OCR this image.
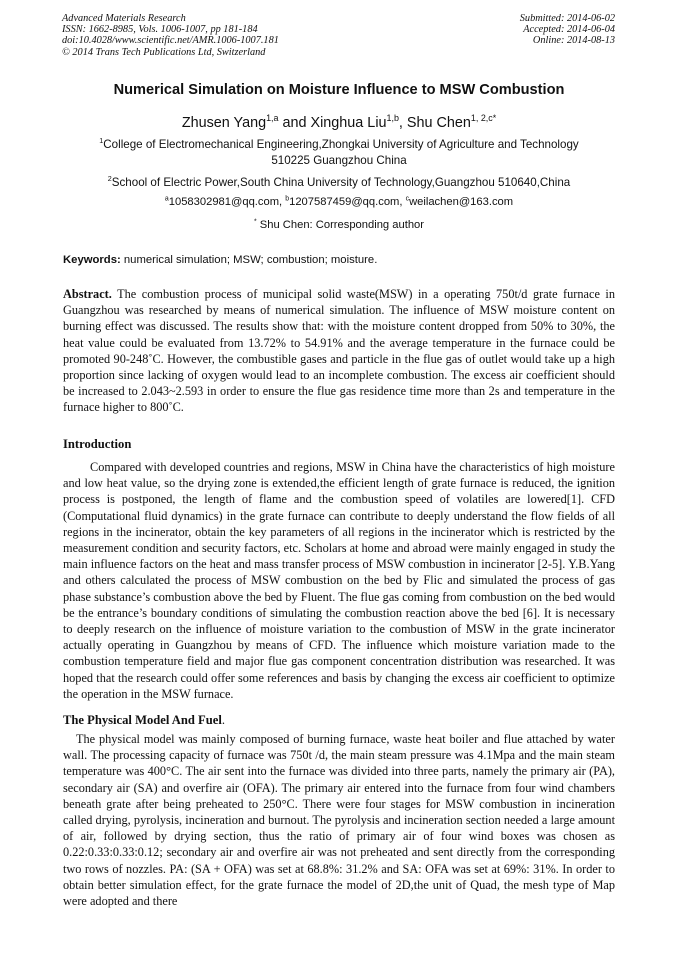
Advanced Materials Research
ISSN: 1662-8985, Vols. 1006-1007, pp 181-184
doi:10.4028/www.scientific.net/AMR.1006-1007.181
© 2014 Trans Tech Publications Ltd, Switzerland
Submitted: 2014-06-02
Accepted: 2014-06-04
Online: 2014-08-13
Numerical Simulation on Moisture Influence to MSW Combustion
Zhusen Yang$^{1,a}$ and Xinghua Liu$^{1,b}$, Shu Chen$^{1, 2,c*}$
$^1$College of Electromechanical Engineering,Zhongkai University of Agriculture and Technology
510225 Guangzhou China
$^2$School of Electric Power,South China University of Technology,Guangzhou 510640,China
$^a$1058302981@qq.com, $^b$1207587459@qq.com, $^c$weilachen@163.com
* Shu Chen: Corresponding author
Keywords: numerical simulation; MSW; combustion; moisture.

Abstract. The combustion process of municipal solid waste(MSW) in a operating 750t/d grate furnace in Guangzhou was researched by means of numerical simulation. The influence of MSW moisture content on burning effect was discussed. The results show that: with the moisture content dropped from 50% to 30%, the heat value could be evaluated from 13.72% to 54.91% and the average temperature in the furnace could be promoted 90-248˚C. However, the combustible gases and particle in the flue gas of outlet would take up a high proportion since lacking of oxygen would lead to an incomplete combustion. The excess air coefficient should be increased to 2.043~2.593 in order to ensure the flue gas residence time more than 2s and temperature in the furnace higher to 800˚C.

Introduction

Compared with developed countries and regions, MSW in China have the characteristics of high moisture and low heat value, so the drying zone is extended,the efficient length of grate furnace is reduced, the ignition process is postponed, the length of flame and the combustion speed of volatiles are lowered[1]. CFD (Computational fluid dynamics) in the grate furnace can contribute to deeply understand the flow fields of all regions in the incinerator, obtain the key parameters of all regions in the incinerator which is restricted by the measurement condition and security factors, etc. Scholars at home and abroad were mainly engaged in study the main influence factors on the heat and mass transfer process of MSW combustion in incinerator [2-5]. Y.B.Yang and others calculated the process of MSW combustion on the bed by Flic and simulated the process of gas phase substance’s combustion above the bed by Fluent. The flue gas coming from combustion on the bed would be the entrance’s boundary conditions of simulating the combustion reaction above the bed [6]. It is necessary to deeply research on the influence of moisture variation to the combustion of MSW in the grate incinerator actually operating in Guangzhou by means of CFD. The influence which moisture variation made to the combustion temperature field and major flue gas component concentration distribution was researched. It was hoped that the research could offer some references and basis by changing the excess air coefficient to optimize the operation in the MSW furnace.

The Physical Model And Fuel.

The physical model was mainly composed of burning furnace, waste heat boiler and flue attached by water wall. The processing capacity of furnace was 750t /d, the main steam pressure was 4.1Mpa and the main steam temperature was 400°C. The air sent into the furnace was divided into three parts, namely the primary air (PA), secondary air (SA) and overfire air (OFA). The primary air entered into the furnace from four wind chambers beneath grate after being preheated to 250°C. There were four stages for MSW combustion in incineration called drying, pyrolysis, incineration and burnout. The pyrolysis and incineration section needed a large amount of air, followed by drying section, thus the ratio of primary air of four wind boxes was chosen as 0.22:0.33:0.33:0.12; secondary air and overfire air was not preheated and sent directly from the corresponding two rows of nozzles. PA: (SA + OFA) was set at 68.8%: 31.2% and SA: OFA was set at 69%: 31%. In order to obtain better simulation effect, for the grate furnace the model of 2D,the unit of Quad, the mesh type of Map were adopted and there
